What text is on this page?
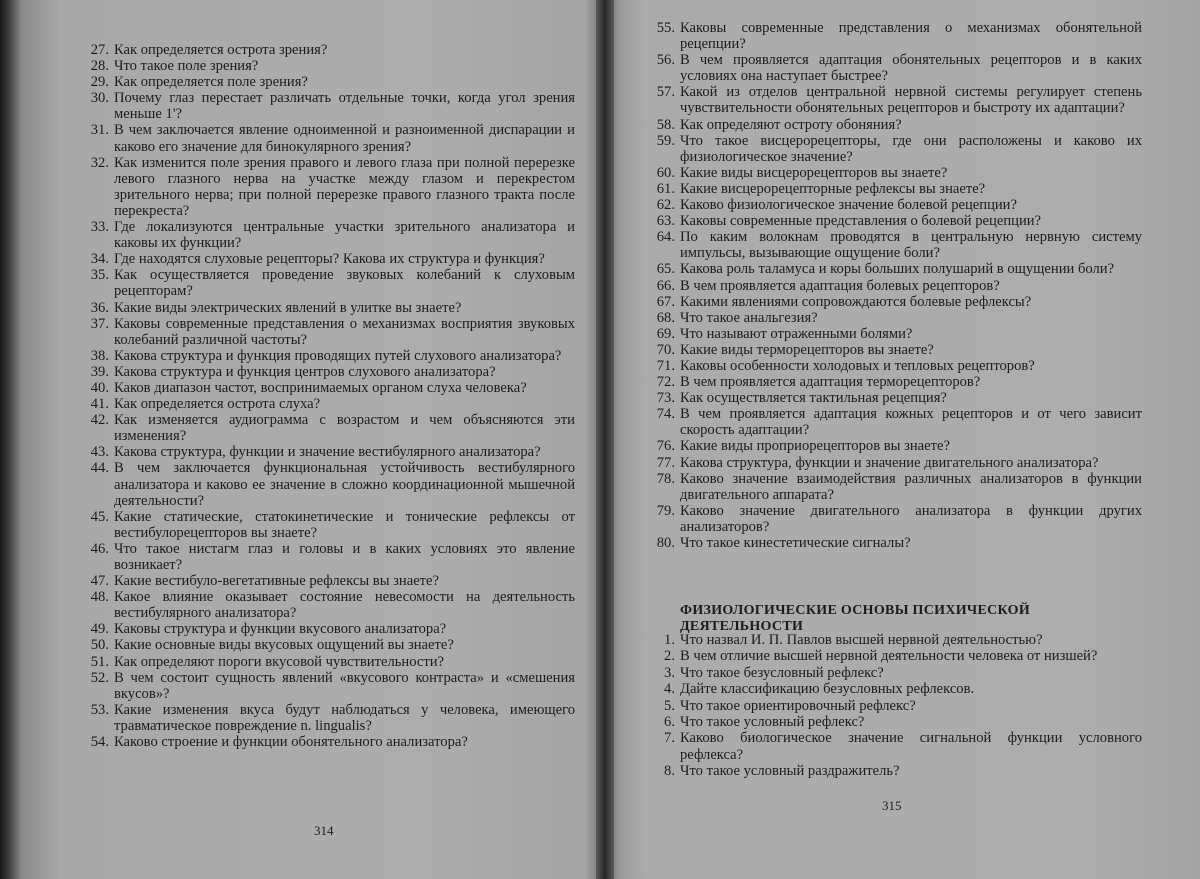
27. Как определяется острота зрения?
28. Что такое поле зрения?
29. Как определяется поле зрения?
30. Почему глаз перестает различать отдельные точки, когда угол зрения меньше 1'?
31. В чем заключается явление одноименной и разноименной диспарации и каково его значение для бинокулярного зрения?
32. Как изменится поле зрения правого и левого глаза при полной перерезке левого глазного нерва на участке между глазом и перекрестом зрительного нерва; при полной перерезке правого глазного тракта после перекреста?
33. Где локализуются центральные участки зрительного анализатора и каковы их функции?
34. Где находятся слуховые рецепторы? Какова их структура и функция?
35. Как осуществляется проведение звуковых колебаний к слуховым рецепторам?
36. Какие виды электрических явлений в улитке вы знаете?
37. Каковы современные представления о механизмах восприятия звуковых колебаний различной частоты?
38. Какова структура и функция проводящих путей слухового анализатора?
39. Какова структура и функция центров слухового анализатора?
40. Каков диапазон частот, воспринимаемых органом слуха человека?
41. Как определяется острота слуха?
42. Как изменяется аудиограмма с возрастом и чем объясняются эти изменения?
43. Какова структура, функции и значение вестибулярного анализатора?
44. В чем заключается функциональная устойчивость вестибулярного анализатора и каково ее значение в сложно координационной мышечной деятельности?
45. Какие статические, статокинетические и тонические рефлексы от вестибулорецепторов вы знаете?
46. Что такое нистагм глаз и головы и в каких условиях это явление возникает?
47. Какие вестибуло-вегетативные рефлексы вы знаете?
48. Какое влияние оказывает состояние невесомости на деятельность вестибулярного анализатора?
49. Каковы структура и функции вкусового анализатора?
50. Какие основные виды вкусовых ощущений вы знаете?
51. Как определяют пороги вкусовой чувствительности?
52. В чем состоит сущность явлений «вкусового контраста» и «смешения вкусов»?
53. Какие изменения вкуса будут наблюдаться у человека, имеющего травматическое повреждение n. lingualis?
54. Каково строение и функции обонятельного анализатора?
55. Каковы современные представления о механизмах обонятельной рецепции?
56. В чем проявляется адаптация обонятельных рецепторов и в каких условиях она наступает быстрее?
57. Какой из отделов центральной нервной системы регулирует степень чувствительности обонятельных рецепторов и быстроту их адаптации?
58. Как определяют остроту обоняния?
59. Что такое висцерорецепторы, где они расположены и каково их физиологическое значение?
60. Какие виды висцерорецепторов вы знаете?
61. Какие висцерорецепторные рефлексы вы знаете?
62. Каково физиологическое значение болевой рецепции?
63. Каковы современные представления о болевой рецепции?
64. По каким волокнам проводятся в центральную нервную систему импульсы, вызывающие ощущение боли?
65. Какова роль таламуса и коры больших полушарий в ощущении боли?
66. В чем проявляется адаптация болевых рецепторов?
67. Какими явлениями сопровождаются болевые рефлексы?
68. Что такое анальгезия?
69. Что называют отраженными болями?
70. Какие виды терморецепторов вы знаете?
71. Каковы особенности холодовых и тепловых рецепторов?
72. В чем проявляется адаптация терморецепторов?
73. Как осуществляется тактильная рецепция?
74. В чем проявляется адаптация кожных рецепторов и от чего зависит скорость адаптации?
76. Какие виды проприорецепторов вы знаете?
77. Какова структура, функции и значение двигательного анализатора?
78. Каково значение взаимодействия различных анализаторов в функции двигательного аппарата?
79. Каково значение двигательного анализатора в функции других анализаторов?
80. Что такое кинестетические сигналы?
ФИЗИОЛОГИЧЕСКИЕ ОСНОВЫ ПСИХИЧЕСКОЙ ДЕЯТЕЛЬНОСТИ
1. Что назвал И. П. Павлов высшей нервной деятельностью?
2. В чем отличие высшей нервной деятельности человека от низшей?
3. Что такое безусловный рефлекс?
4. Дайте классификацию безусловных рефлексов.
5. Что такое ориентировочный рефлекс?
6. Что такое условный рефлекс?
7. Каково биологическое значение сигнальной функции условного рефлекса?
8. Что такое условный раздражитель?
314
315
